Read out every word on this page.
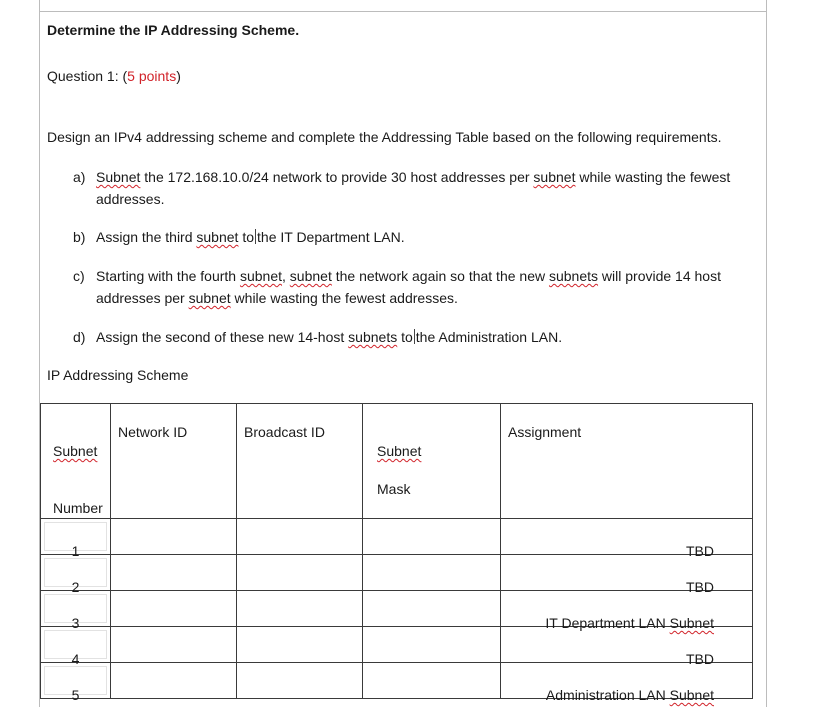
Determine the IP Addressing Scheme.
Question 1: (5 points)
Design an IPv4 addressing scheme and complete the Addressing Table based on the following requirements.
a) Subnet the 172.168.10.0/24 network to provide 30 host addresses per subnet while wasting the fewest
addresses.
b) Assign the third subnet to the IT Department LAN.
c) Starting with the fourth subnet, subnet the network again so that the new subnets will provide 14 host
addresses per subnet while wasting the fewest addresses.
d) Assign the second of these new 14-host subnets to the Administration LAN.
IP Addressing Scheme
Subnet

Number	Network ID	Broadcast ID	Subnet
Mask	Assignment

1				TBD

2				TBD

3				IT Department LAN Subnet

4				TBD

5				Administration LAN Subnet
